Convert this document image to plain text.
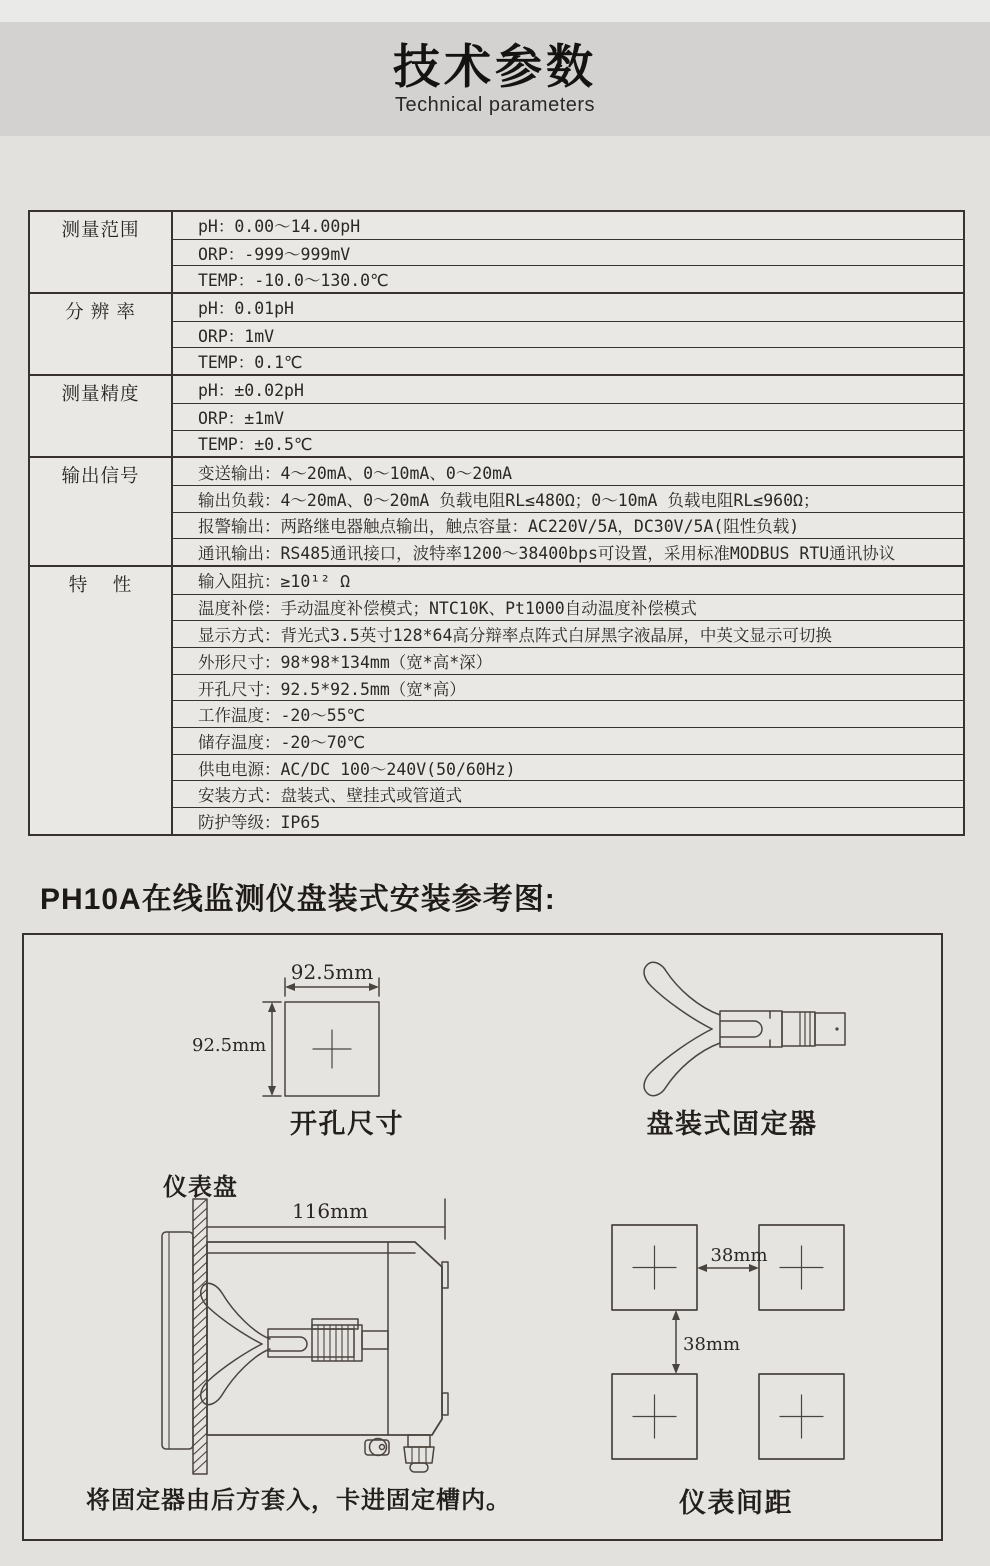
技术参数
Technical parameters
测量范围	pH：0.00～14.00pH
ORP：-999～999mV
TEMP：-10.0～130.0℃
分 辨 率	pH：0.01pH
ORP：1mV
TEMP：0.1℃
测量精度	pH：±0.02pH
ORP：±1mV
TEMP：±0.5℃
输出信号	变送输出：4～20mA、0～10mA、0～20mA
输出负载：4～20mA、0～20mA 负载电阻RL≤480Ω；0～10mA 负载电阻RL≤960Ω；
报警输出：两路继电器触点输出，触点容量：AC220V/5A，DC30V/5A(阻性负载)
通讯输出：RS485通讯接口，波特率1200～38400bps可设置，采用标准MODBUS RTU通讯协议
特    性	输入阻抗：≥10¹² Ω
温度补偿：手动温度补偿模式；NTC10K、Pt1000自动温度补偿模式
显示方式：背光式3.5英寸128*64高分辩率点阵式白屏黑字液晶屏，中英文显示可切换
外形尺寸：98*98*134mm（宽*高*深）
开孔尺寸：92.5*92.5mm（宽*高）
工作温度：-20～55℃
储存温度：-20～70℃
供电电源：AC/DC 100～240V(50/60Hz)
安装方式：盘装式、壁挂式或管道式
防护等级：IP65
PH10A在线监测仪盘装式安装参考图:
92.5mm
92.5mm
开孔尺寸	盘装式固定器
仪表盘
116mm
38mm
38mm
仪表间距
将固定器由后方套入，卡进固定槽内。
